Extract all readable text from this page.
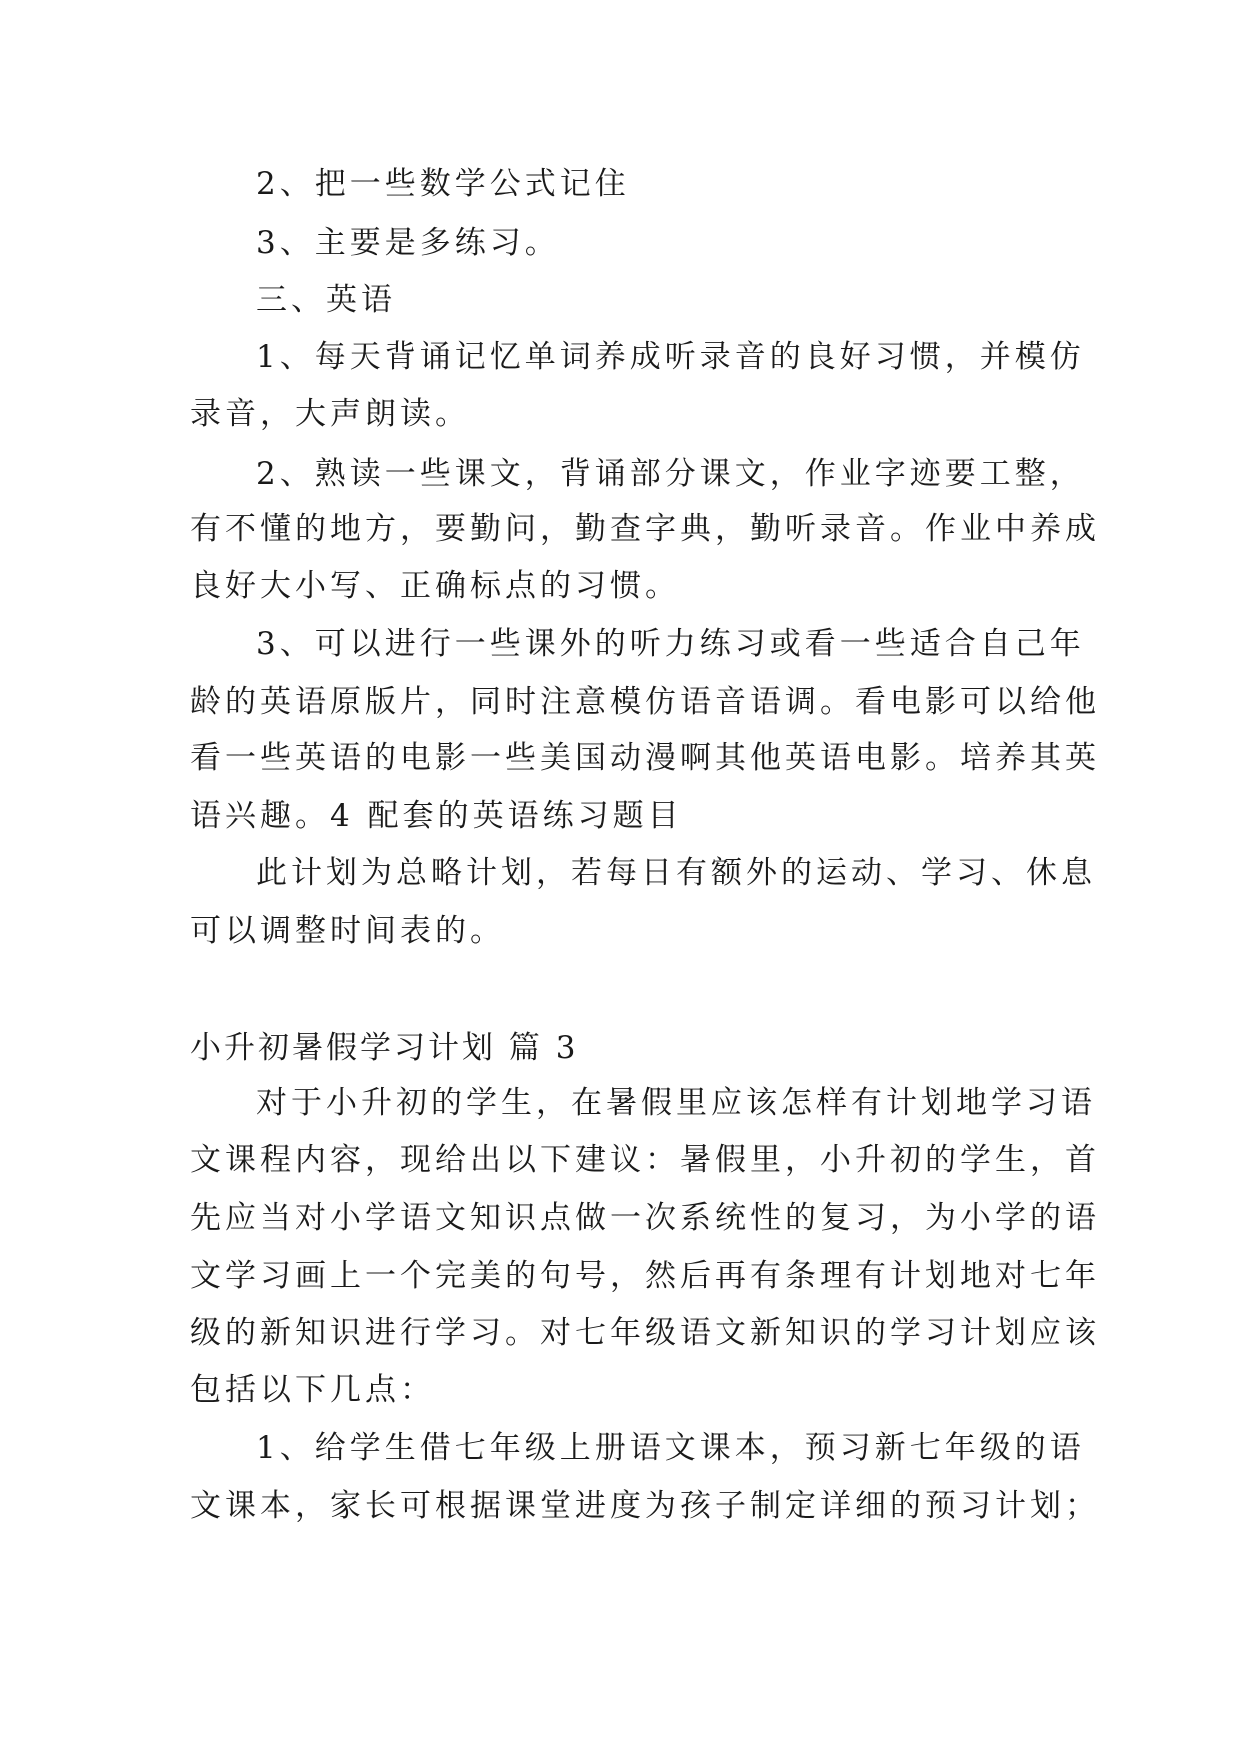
2、把一些数学公式记住
3、主要是多练习。
三、英语
1、每天背诵记忆单词养成听录音的良好习惯，并模仿
录音，大声朗读。
2、熟读一些课文，背诵部分课文，作业字迹要工整，
有不懂的地方，要勤问，勤查字典，勤听录音。作业中养成
良好大小写、正确标点的习惯。
3、可以进行一些课外的听力练习或看一些适合自己年
龄的英语原版片，同时注意模仿语音语调。看电影可以给他
看一些英语的电影一些美国动漫啊其他英语电影。培养其英
语兴趣。4 配套的英语练习题目
此计划为总略计划，若每日有额外的运动、学习、休息
可以调整时间表的。
小升初暑假学习计划 篇 3
对于小升初的学生，在暑假里应该怎样有计划地学习语
文课程内容，现给出以下建议：暑假里，小升初的学生，首
先应当对小学语文知识点做一次系统性的复习，为小学的语
文学习画上一个完美的句号，然后再有条理有计划地对七年
级的新知识进行学习。对七年级语文新知识的学习计划应该
包括以下几点：
1、给学生借七年级上册语文课本，预习新七年级的语
文课本，家长可根据课堂进度为孩子制定详细的预习计划；
